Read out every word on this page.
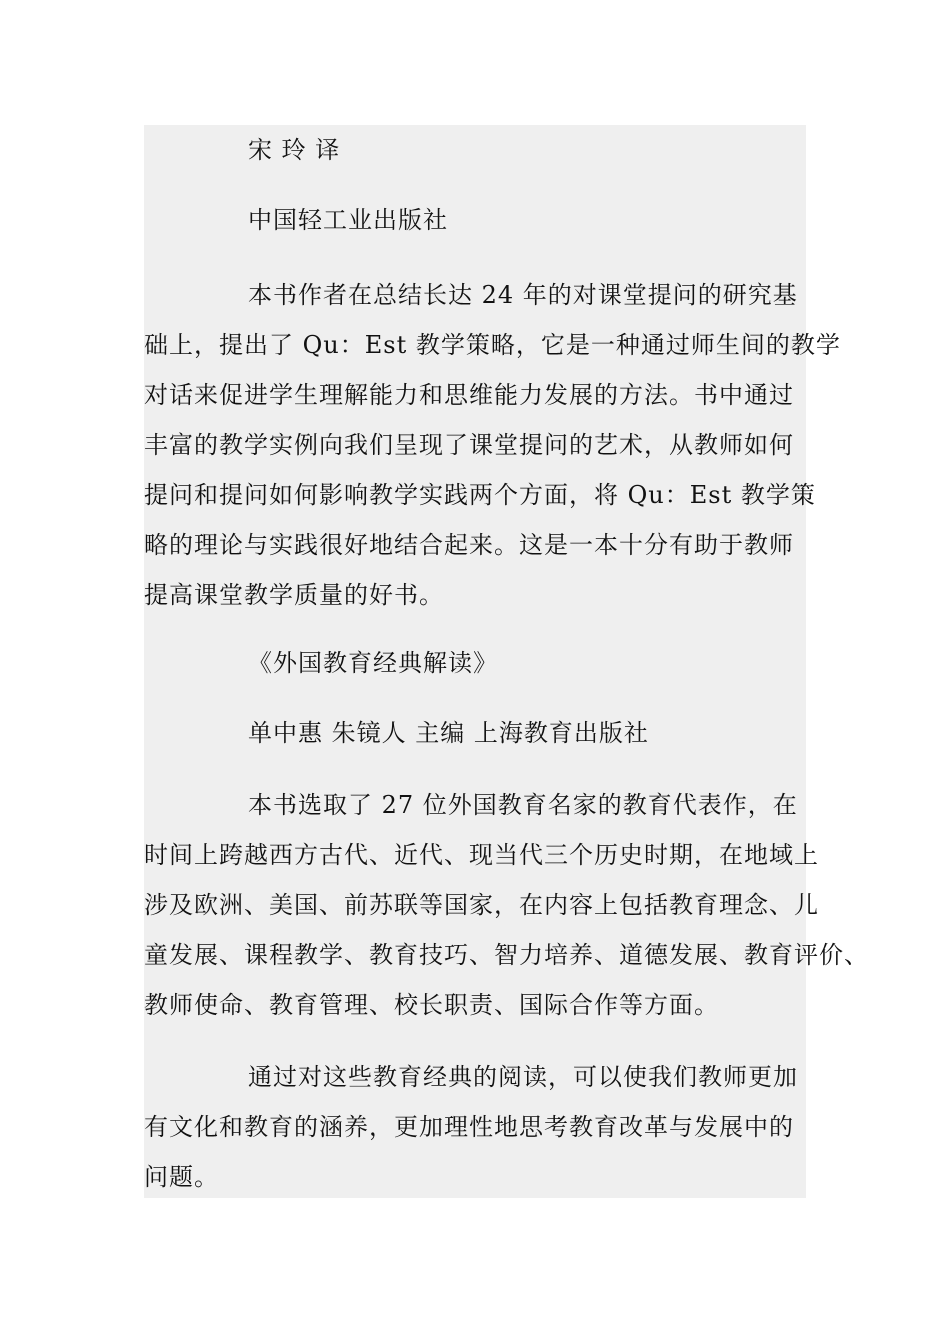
宋 玲 译

中国轻工业出版社

本书作者在总结长达 24 年的对课堂提问的研究基
础上，提出了 Qu：Est 教学策略，它是一种通过师生间的教学
对话来促进学生理解能力和思维能力发展的方法。书中通过
丰富的教学实例向我们呈现了课堂提问的艺术，从教师如何
提问和提问如何影响教学实践两个方面，将 Qu：Est 教学策
略的理论与实践很好地结合起来。这是一本十分有助于教师
提高课堂教学质量的好书。

《外国教育经典解读》

单中惠 朱镜人 主编 上海教育出版社

本书选取了 27 位外国教育名家的教育代表作，在
时间上跨越西方古代、近代、现当代三个历史时期，在地域上
涉及欧洲、美国、前苏联等国家，在内容上包括教育理念、儿
童发展、课程教学、教育技巧、智力培养、道德发展、教育评价、
教师使命、教育管理、校长职责、国际合作等方面。
通过对这些教育经典的阅读，可以使我们教师更加
有文化和教育的涵养，更加理性地思考教育改革与发展中的
问题。
